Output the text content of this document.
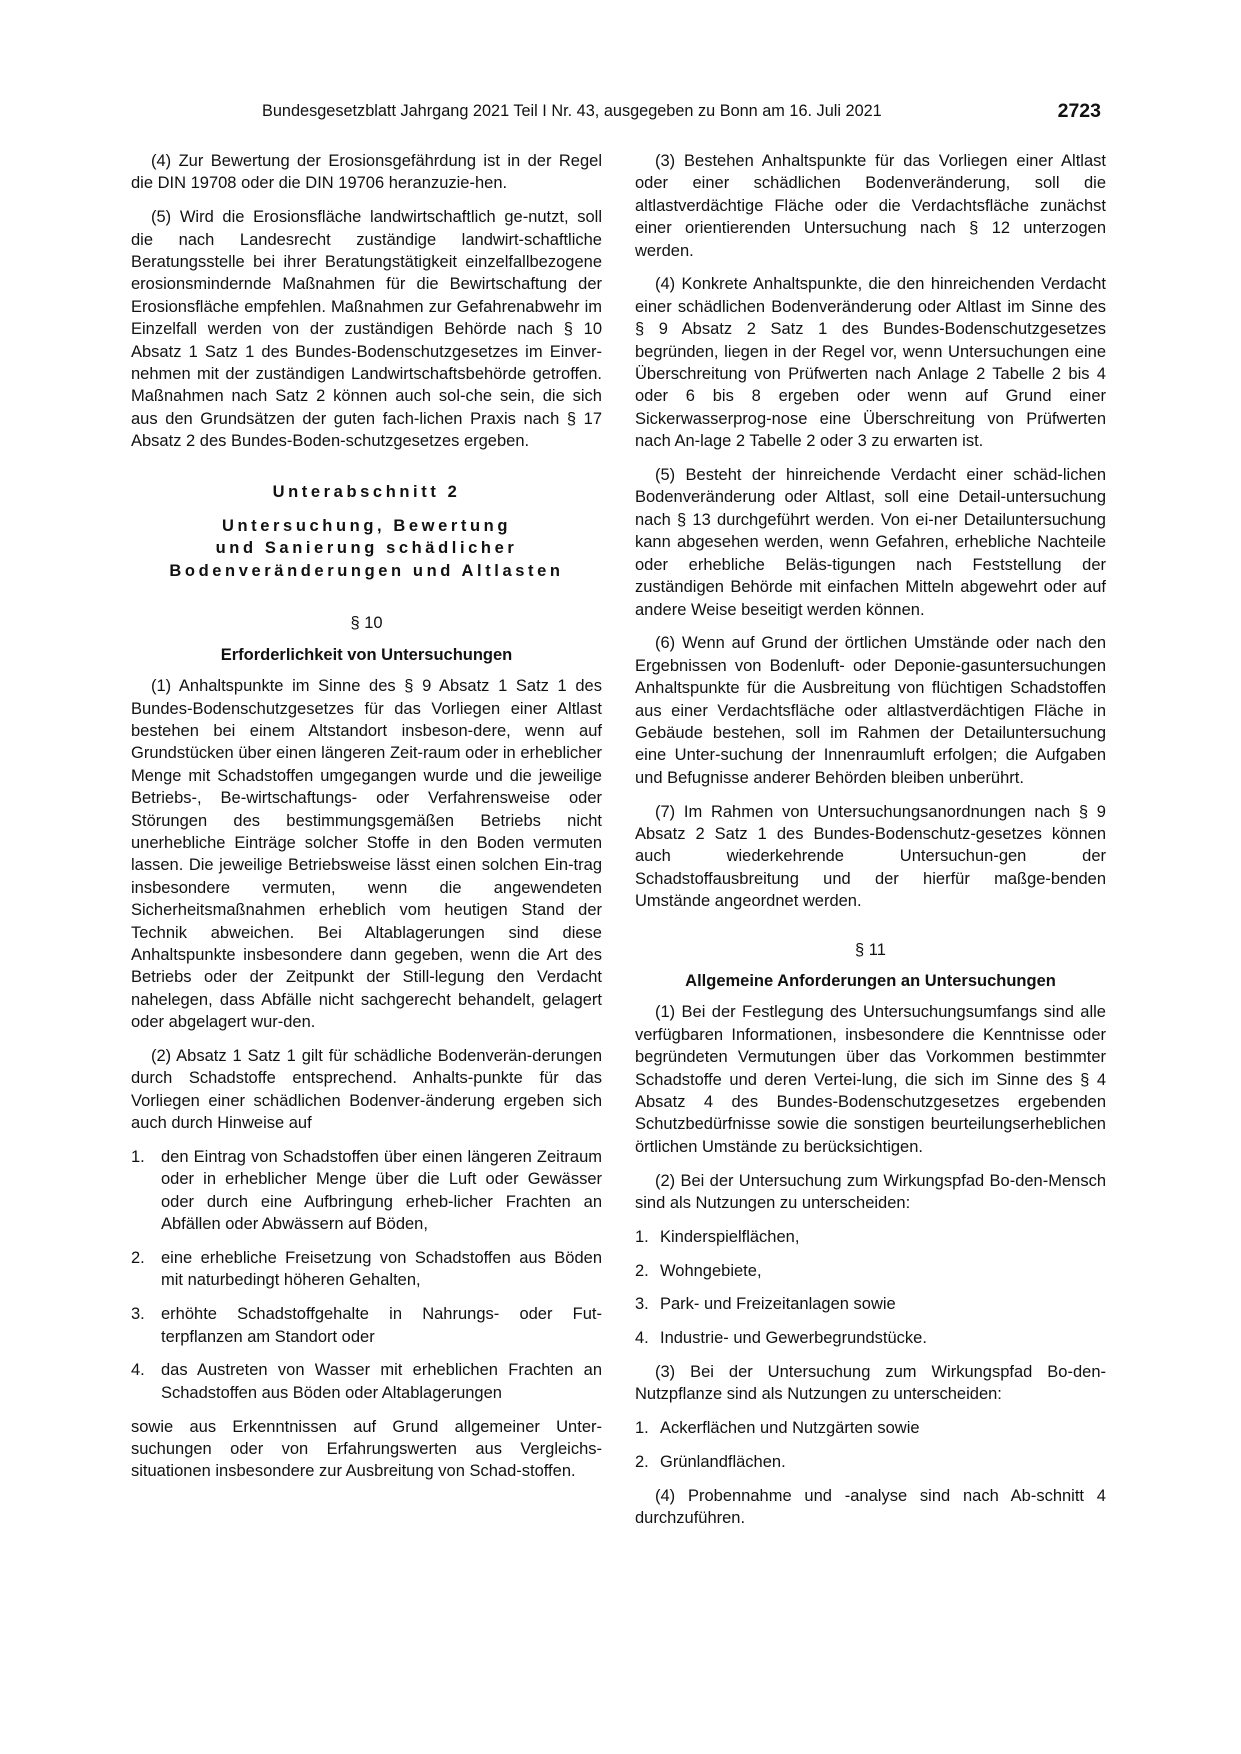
Bundesgesetzblatt Jahrgang 2021 Teil I Nr. 43, ausgegeben zu Bonn am 16. Juli 2021	2723

(4) Zur Bewertung der Erosionsgefährdung ist in der Regel die DIN 19708 oder die DIN 19706 heranzuzie-hen.

(5) Wird die Erosionsfläche landwirtschaftlich ge-nutzt, soll die nach Landesrecht zuständige landwirt-schaftliche Beratungsstelle bei ihrer Beratungstätigkeit einzelfallbezogene erosionsmindernde Maßnahmen für die Bewirtschaftung der Erosionsfläche empfehlen. Maßnahmen zur Gefahrenabwehr im Einzelfall werden von der zuständigen Behörde nach § 10 Absatz 1 Satz 1 des Bundes-Bodenschutzgesetzes im Einver-nehmen mit der zuständigen Landwirtschaftsbehörde getroffen. Maßnahmen nach Satz 2 können auch sol-che sein, die sich aus den Grundsätzen der guten fach-lichen Praxis nach § 17 Absatz 2 des Bundes-Boden-schutzgesetzes ergeben.

Unterabschnitt 2
Untersuchung, Bewertung
und Sanierung schädlicher
Bodenveränderungen und Altlasten
§ 10
Erforderlichkeit von Untersuchungen

(1) Anhaltspunkte im Sinne des § 9 Absatz 1 Satz 1 des Bundes-Bodenschutzgesetzes für das Vorliegen einer Altlast bestehen bei einem Altstandort insbeson-dere, wenn auf Grundstücken über einen längeren Zeit-raum oder in erheblicher Menge mit Schadstoffen umgegangen wurde und die jeweilige Betriebs-, Be-wirtschaftungs- oder Verfahrensweise oder Störungen des bestimmungsgemäßen Betriebs nicht unerhebliche Einträge solcher Stoffe in den Boden vermuten lassen. Die jeweilige Betriebsweise lässt einen solchen Ein-trag insbesondere vermuten, wenn die angewendeten Sicherheitsmaßnahmen erheblich vom heutigen Stand der Technik abweichen. Bei Altablagerungen sind diese Anhaltspunkte insbesondere dann gegeben, wenn die Art des Betriebs oder der Zeitpunkt der Still-legung den Verdacht nahelegen, dass Abfälle nicht sachgerecht behandelt, gelagert oder abgelagert wur-den.

(2) Absatz 1 Satz 1 gilt für schädliche Bodenverän-derungen durch Schadstoffe entsprechend. Anhalts-punkte für das Vorliegen einer schädlichen Bodenver-änderung ergeben sich auch durch Hinweise auf

1. den Eintrag von Schadstoffen über einen längeren Zeitraum oder in erheblicher Menge über die Luft oder Gewässer oder durch eine Aufbringung erheb-licher Frachten an Abfällen oder Abwässern auf Böden,
2. eine erhebliche Freisetzung von Schadstoffen aus Böden mit naturbedingt höheren Gehalten,
3. erhöhte Schadstoffgehalte in Nahrungs- oder Fut-terpflanzen am Standort oder
4. das Austreten von Wasser mit erheblichen Frachten an Schadstoffen aus Böden oder Altablagerungen

sowie aus Erkenntnissen auf Grund allgemeiner Unter-suchungen oder von Erfahrungswerten aus Vergleichs-situationen insbesondere zur Ausbreitung von Schad-stoffen.

(3) Bestehen Anhaltspunkte für das Vorliegen einer Altlast oder einer schädlichen Bodenveränderung, soll die altlastverdächtige Fläche oder die Verdachtsfläche zunächst einer orientierenden Untersuchung nach § 12 unterzogen werden.

(4) Konkrete Anhaltspunkte, die den hinreichenden Verdacht einer schädlichen Bodenveränderung oder Altlast im Sinne des § 9 Absatz 2 Satz 1 des Bundes-Bodenschutzgesetzes begründen, liegen in der Regel vor, wenn Untersuchungen eine Überschreitung von Prüfwerten nach Anlage 2 Tabelle 2 bis 4 oder 6 bis 8 ergeben oder wenn auf Grund einer Sickerwasserprog-nose eine Überschreitung von Prüfwerten nach An-lage 2 Tabelle 2 oder 3 zu erwarten ist.

(5) Besteht der hinreichende Verdacht einer schäd-lichen Bodenveränderung oder Altlast, soll eine Detail-untersuchung nach § 13 durchgeführt werden. Von ei-ner Detailuntersuchung kann abgesehen werden, wenn Gefahren, erhebliche Nachteile oder erhebliche Beläs-tigungen nach Feststellung der zuständigen Behörde mit einfachen Mitteln abgewehrt oder auf andere Weise beseitigt werden können.

(6) Wenn auf Grund der örtlichen Umstände oder nach den Ergebnissen von Bodenluft- oder Deponie-gasuntersuchungen Anhaltspunkte für die Ausbreitung von flüchtigen Schadstoffen aus einer Verdachtsfläche oder altlastverdächtigen Fläche in Gebäude bestehen, soll im Rahmen der Detailuntersuchung eine Unter-suchung der Innenraumluft erfolgen; die Aufgaben und Befugnisse anderer Behörden bleiben unberührt.

(7) Im Rahmen von Untersuchungsanordnungen nach § 9 Absatz 2 Satz 1 des Bundes-Bodenschutz-gesetzes können auch wiederkehrende Untersuchun-gen der Schadstoffausbreitung und der hierfür maßge-benden Umstände angeordnet werden.

§ 11
Allgemeine Anforderungen an Untersuchungen

(1) Bei der Festlegung des Untersuchungsumfangs sind alle verfügbaren Informationen, insbesondere die Kenntnisse oder begründeten Vermutungen über das Vorkommen bestimmter Schadstoffe und deren Vertei-lung, die sich im Sinne des § 4 Absatz 4 des Bundes-Bodenschutzgesetzes ergebenden Schutzbedürfnisse sowie die sonstigen beurteilungserheblichen örtlichen Umstände zu berücksichtigen.

(2) Bei der Untersuchung zum Wirkungspfad Bo-den-Mensch sind als Nutzungen zu unterscheiden:

1. Kinderspielflächen,
2. Wohngebiete,
3. Park- und Freizeitanlagen sowie
4. Industrie- und Gewerbegrundstücke.

(3) Bei der Untersuchung zum Wirkungspfad Bo-den-Nutzpflanze sind als Nutzungen zu unterscheiden:

1. Ackerflächen und Nutzgärten sowie
2. Grünlandflächen.

(4) Probennahme und -analyse sind nach Ab-schnitt 4 durchzuführen.
